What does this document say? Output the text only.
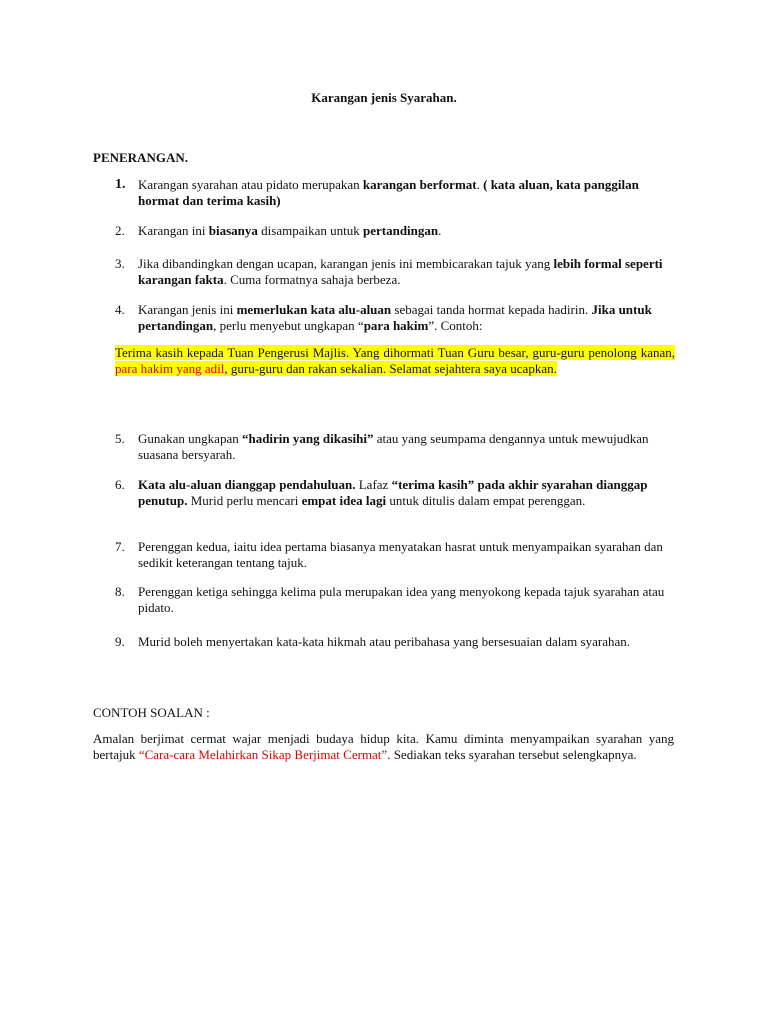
Karangan jenis Syarahan.
PENERANGAN.
1. Karangan syarahan atau pidato merupakan karangan berformat. ( kata aluan, kata panggilan hormat dan terima kasih)
2. Karangan ini biasanya disampaikan untuk pertandingan.
3. Jika dibandingkan dengan ucapan, karangan jenis ini membicarakan tajuk yang lebih formal seperti karangan fakta. Cuma formatnya sahaja berbeza.
4. Karangan jenis ini memerlukan kata alu-aluan sebagai tanda hormat kepada hadirin. Jika untuk pertandingan, perlu menyebut ungkapan “para hakim”. Contoh:
Terima kasih kepada Tuan Pengerusi Majlis. Yang dihormati Tuan Guru besar, guru-guru penolong kanan, para hakim yang adil, guru-guru dan rakan sekalian. Selamat sejahtera saya ucapkan.
5. Gunakan ungkapan “hadirin yang dikasihi” atau yang seumpama dengannya untuk mewujudkan suasana bersyarah.
6. Kata alu-aluan dianggap pendahuluan. Lafaz “terima kasih” pada akhir syarahan dianggap penutup. Murid perlu mencari empat idea lagi untuk ditulis dalam empat perenggan.
7. Perenggan kedua, iaitu idea pertama biasanya menyatakan hasrat untuk menyampaikan syarahan dan sedikit keterangan tentang tajuk.
8. Perenggan ketiga sehingga kelima pula merupakan idea yang menyokong kepada tajuk syarahan atau pidato.
9. Murid boleh menyertakan kata-kata hikmah atau peribahasa yang bersesuaian dalam syarahan.
CONTOH SOALAN :
Amalan berjimat cermat wajar menjadi budaya hidup kita. Kamu diminta menyampaikan syarahan yang bertajuk “Cara-cara Melahirkan Sikap Berjimat Cermat”. Sediakan teks syarahan tersebut selengkapnya.
